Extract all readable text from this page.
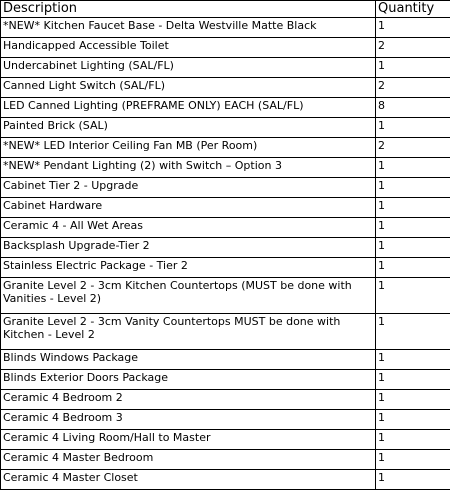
Description	Quantity
*NEW* Kitchen Faucet Base - Delta Westville Matte Black	1
Handicapped Accessible Toilet	2
Undercabinet Lighting (SAL/FL)	1
Canned Light Switch (SAL/FL)	2
LED Canned Lighting (PREFRAME ONLY) EACH (SAL/FL)	8
Painted Brick (SAL)	1
*NEW* LED Interior Ceiling Fan MB (Per Room)	2
*NEW* Pendant Lighting (2) with Switch – Option 3	1
Cabinet Tier 2 - Upgrade	1
Cabinet Hardware	1
Ceramic 4 - All Wet Areas	1
Backsplash Upgrade-Tier 2	1
Stainless Electric Package - Tier 2	1
Granite Level 2 - 3cm Kitchen Countertops (MUST be done with Vanities - Level 2)	1
Granite Level 2 - 3cm Vanity Countertops MUST be done with Kitchen - Level 2	1
Blinds Windows Package	1
Blinds Exterior Doors Package	1
Ceramic 4 Bedroom 2	1
Ceramic 4 Bedroom 3	1
Ceramic 4 Living Room/Hall to Master	1
Ceramic 4 Master Bedroom	1
Ceramic 4 Master Closet	1
